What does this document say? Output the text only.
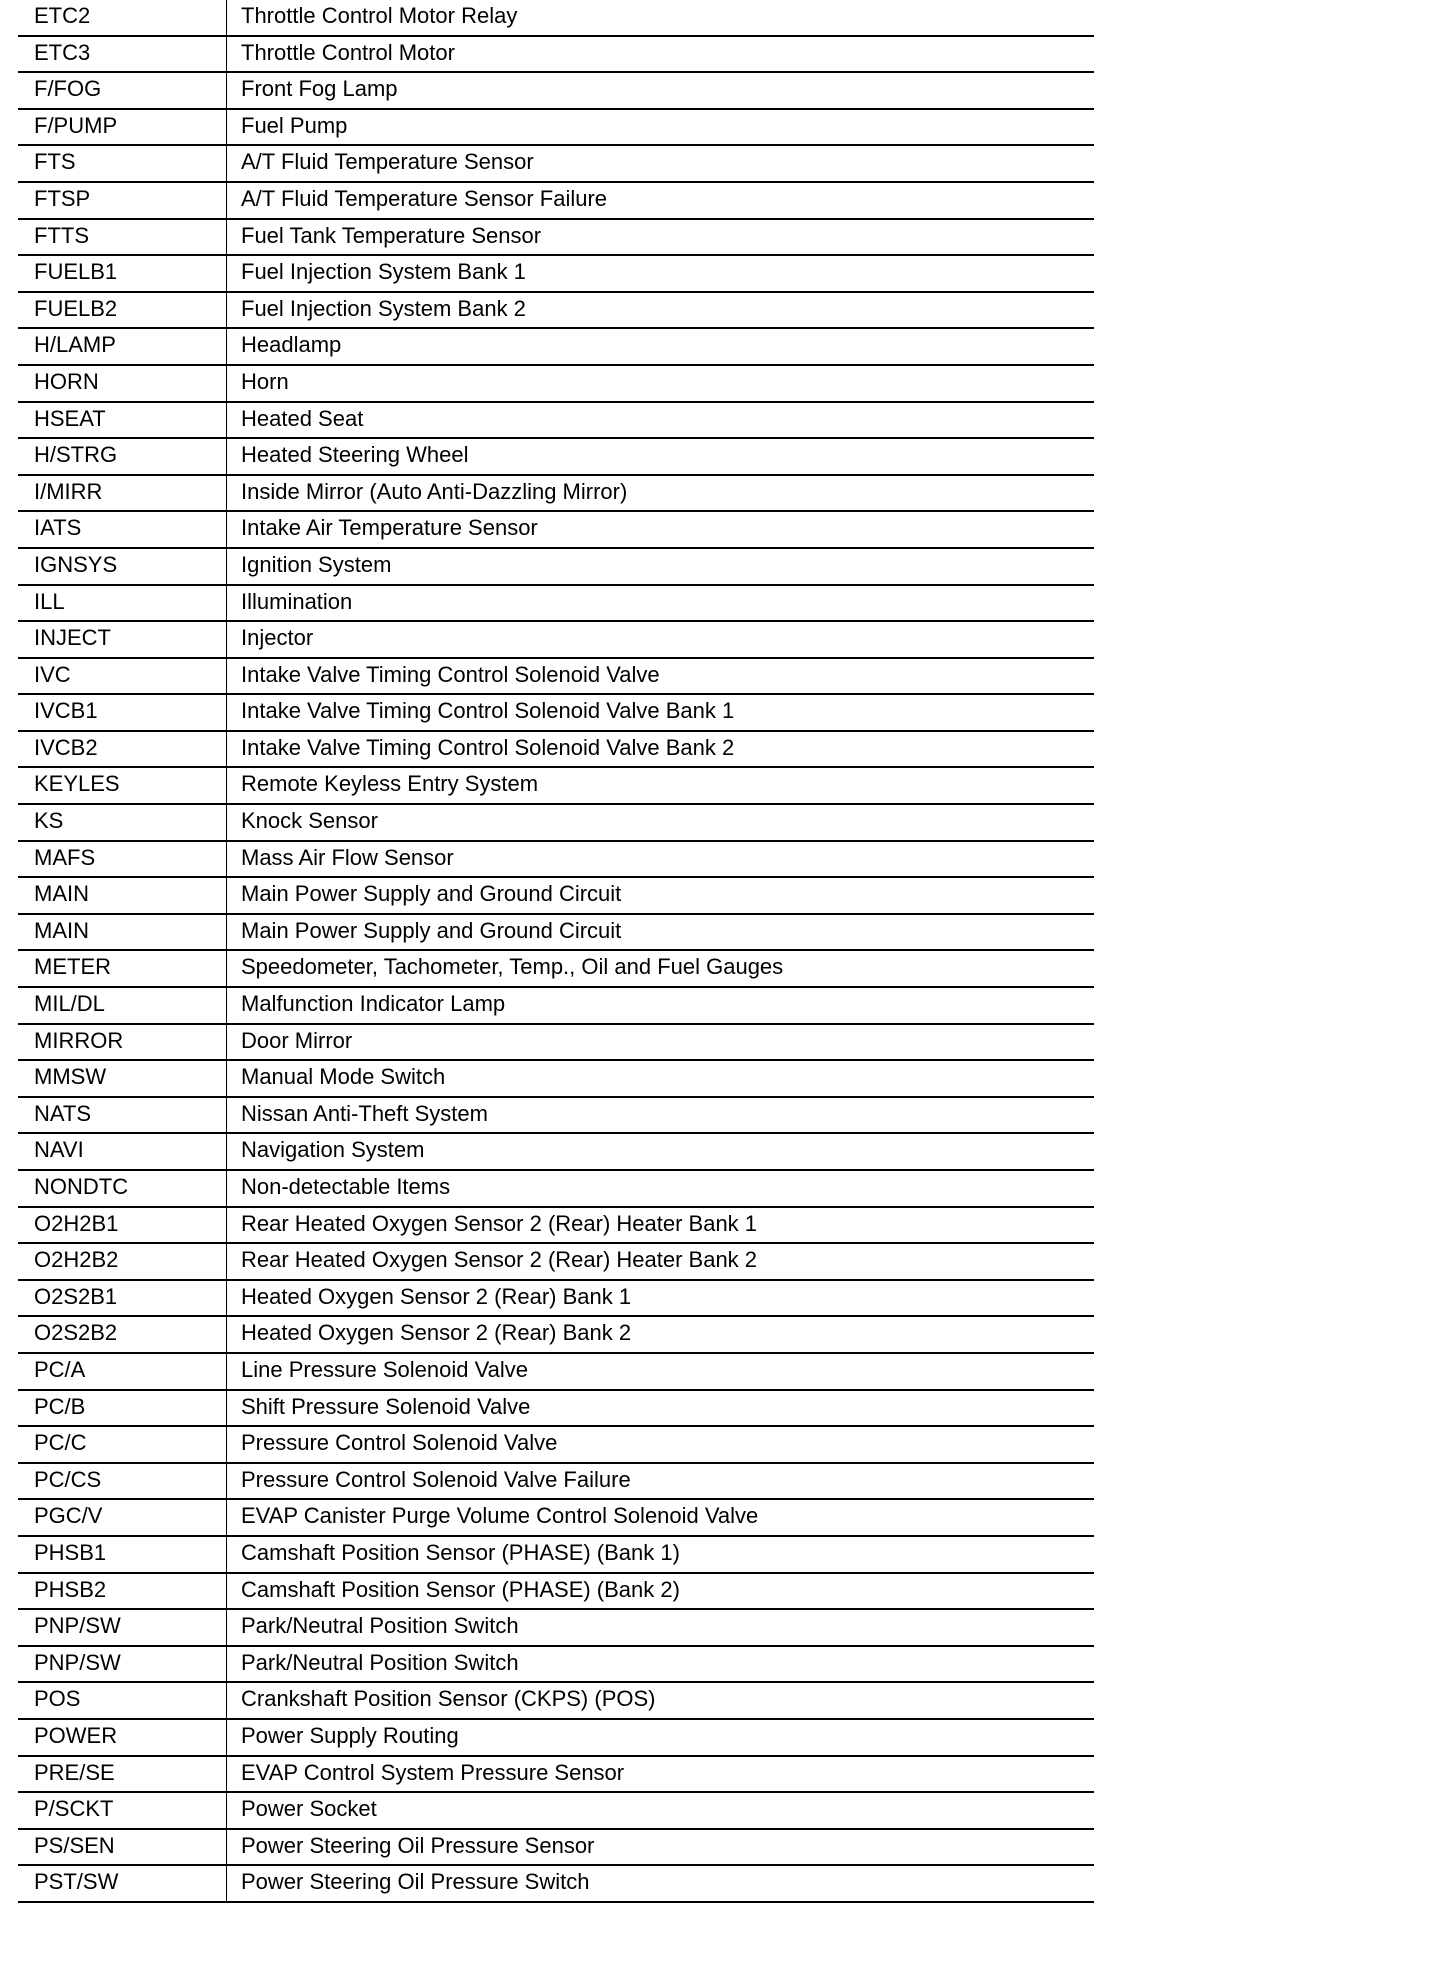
ETC2	Throttle Control Motor Relay
ETC3	Throttle Control Motor
F/FOG	Front Fog Lamp
F/PUMP	Fuel Pump
FTS	A/T Fluid Temperature Sensor
FTSP	A/T Fluid Temperature Sensor Failure
FTTS	Fuel Tank Temperature Sensor
FUELB1	Fuel Injection System Bank 1
FUELB2	Fuel Injection System Bank 2
H/LAMP	Headlamp
HORN	Horn
HSEAT	Heated Seat
H/STRG	Heated Steering Wheel
I/MIRR	Inside Mirror (Auto Anti-Dazzling Mirror)
IATS	Intake Air Temperature Sensor
IGNSYS	Ignition System
ILL	Illumination
INJECT	Injector
IVC	Intake Valve Timing Control Solenoid Valve
IVCB1	Intake Valve Timing Control Solenoid Valve Bank 1
IVCB2	Intake Valve Timing Control Solenoid Valve Bank 2
KEYLES	Remote Keyless Entry System
KS	Knock Sensor
MAFS	Mass Air Flow Sensor
MAIN	Main Power Supply and Ground Circuit
MAIN	Main Power Supply and Ground Circuit
METER	Speedometer, Tachometer, Temp., Oil and Fuel Gauges
MIL/DL	Malfunction Indicator Lamp
MIRROR	Door Mirror
MMSW	Manual Mode Switch
NATS	Nissan Anti-Theft System
NAVI	Navigation System
NONDTC	Non-detectable Items
O2H2B1	Rear Heated Oxygen Sensor 2 (Rear) Heater Bank 1
O2H2B2	Rear Heated Oxygen Sensor 2 (Rear) Heater Bank 2
O2S2B1	Heated Oxygen Sensor 2 (Rear) Bank 1
O2S2B2	Heated Oxygen Sensor 2 (Rear) Bank 2
PC/A	Line Pressure Solenoid Valve
PC/B	Shift Pressure Solenoid Valve
PC/C	Pressure Control Solenoid Valve
PC/CS	Pressure Control Solenoid Valve Failure
PGC/V	EVAP Canister Purge Volume Control Solenoid Valve
PHSB1	Camshaft Position Sensor (PHASE) (Bank 1)
PHSB2	Camshaft Position Sensor (PHASE) (Bank 2)
PNP/SW	Park/Neutral Position Switch
PNP/SW	Park/Neutral Position Switch
POS	Crankshaft Position Sensor (CKPS) (POS)
POWER	Power Supply Routing
PRE/SE	EVAP Control System Pressure Sensor
P/SCKT	Power Socket
PS/SEN	Power Steering Oil Pressure Sensor
PST/SW	Power Steering Oil Pressure Switch
